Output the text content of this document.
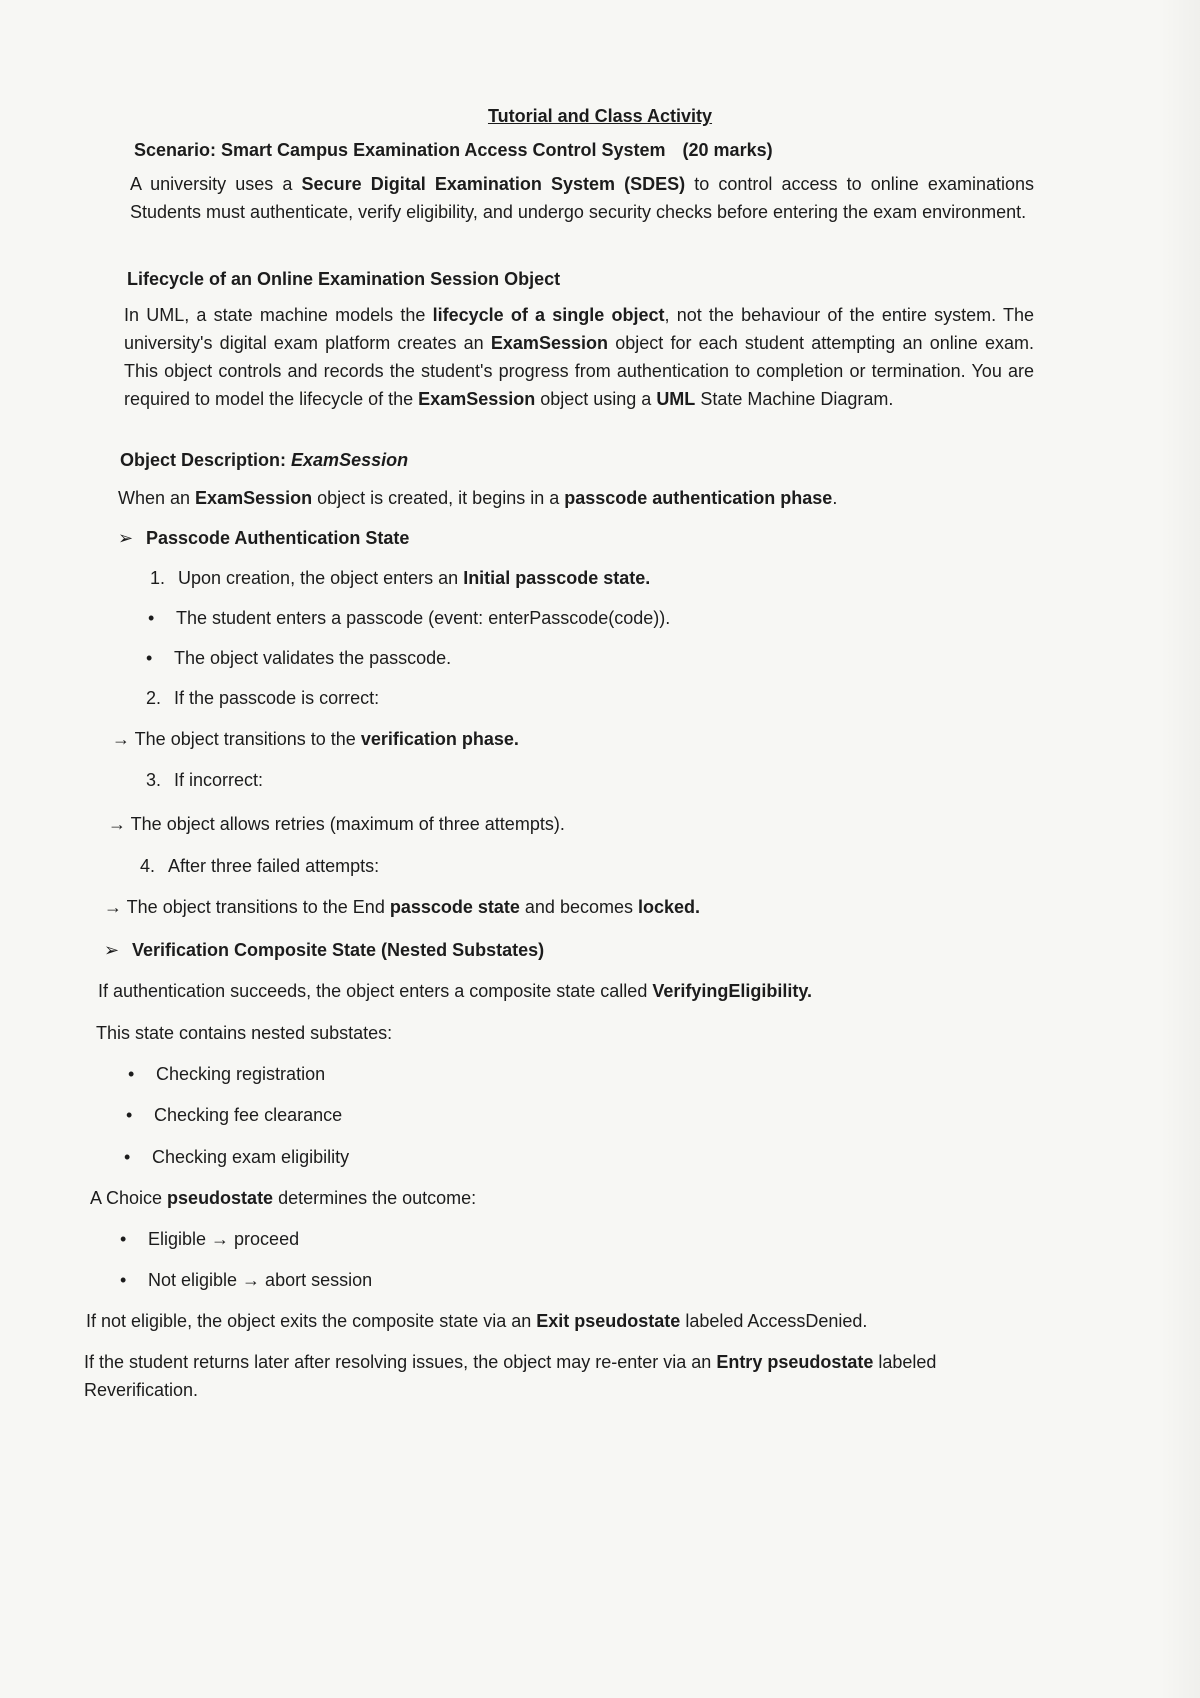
Tutorial and Class Activity
Scenario: Smart Campus Examination Access Control System (20 marks)
A university uses a Secure Digital Examination System (SDES) to control access to online examinations Students must authenticate, verify eligibility, and undergo security checks before entering the exam environment.
Lifecycle of an Online Examination Session Object
In UML, a state machine models the lifecycle of a single object, not the behaviour of the entire system. The university's digital exam platform creates an ExamSession object for each student attempting an online exam. This object controls and records the student's progress from authentication to completion or termination. You are required to model the lifecycle of the ExamSession object using a UML State Machine Diagram.
Object Description: ExamSession
When an ExamSession object is created, it begins in a passcode authentication phase.
➢ Passcode Authentication State
1. Upon creation, the object enters an Initial passcode state.
• The student enters a passcode (event: enterPasscode(code)).
• The object validates the passcode.
2. If the passcode is correct:
→ The object transitions to the verification phase.
3. If incorrect:
→ The object allows retries (maximum of three attempts).
4. After three failed attempts:
→ The object transitions to the End passcode state and becomes locked.
➢ Verification Composite State (Nested Substates)
If authentication succeeds, the object enters a composite state called VerifyingEligibility.
This state contains nested substates:
• Checking registration
• Checking fee clearance
• Checking exam eligibility
A Choice pseudostate determines the outcome:
• Eligible → proceed
• Not eligible → abort session
If not eligible, the object exits the composite state via an Exit pseudostate labeled AccessDenied.
If the student returns later after resolving issues, the object may re-enter via an Entry pseudostate labeled Reverification.
